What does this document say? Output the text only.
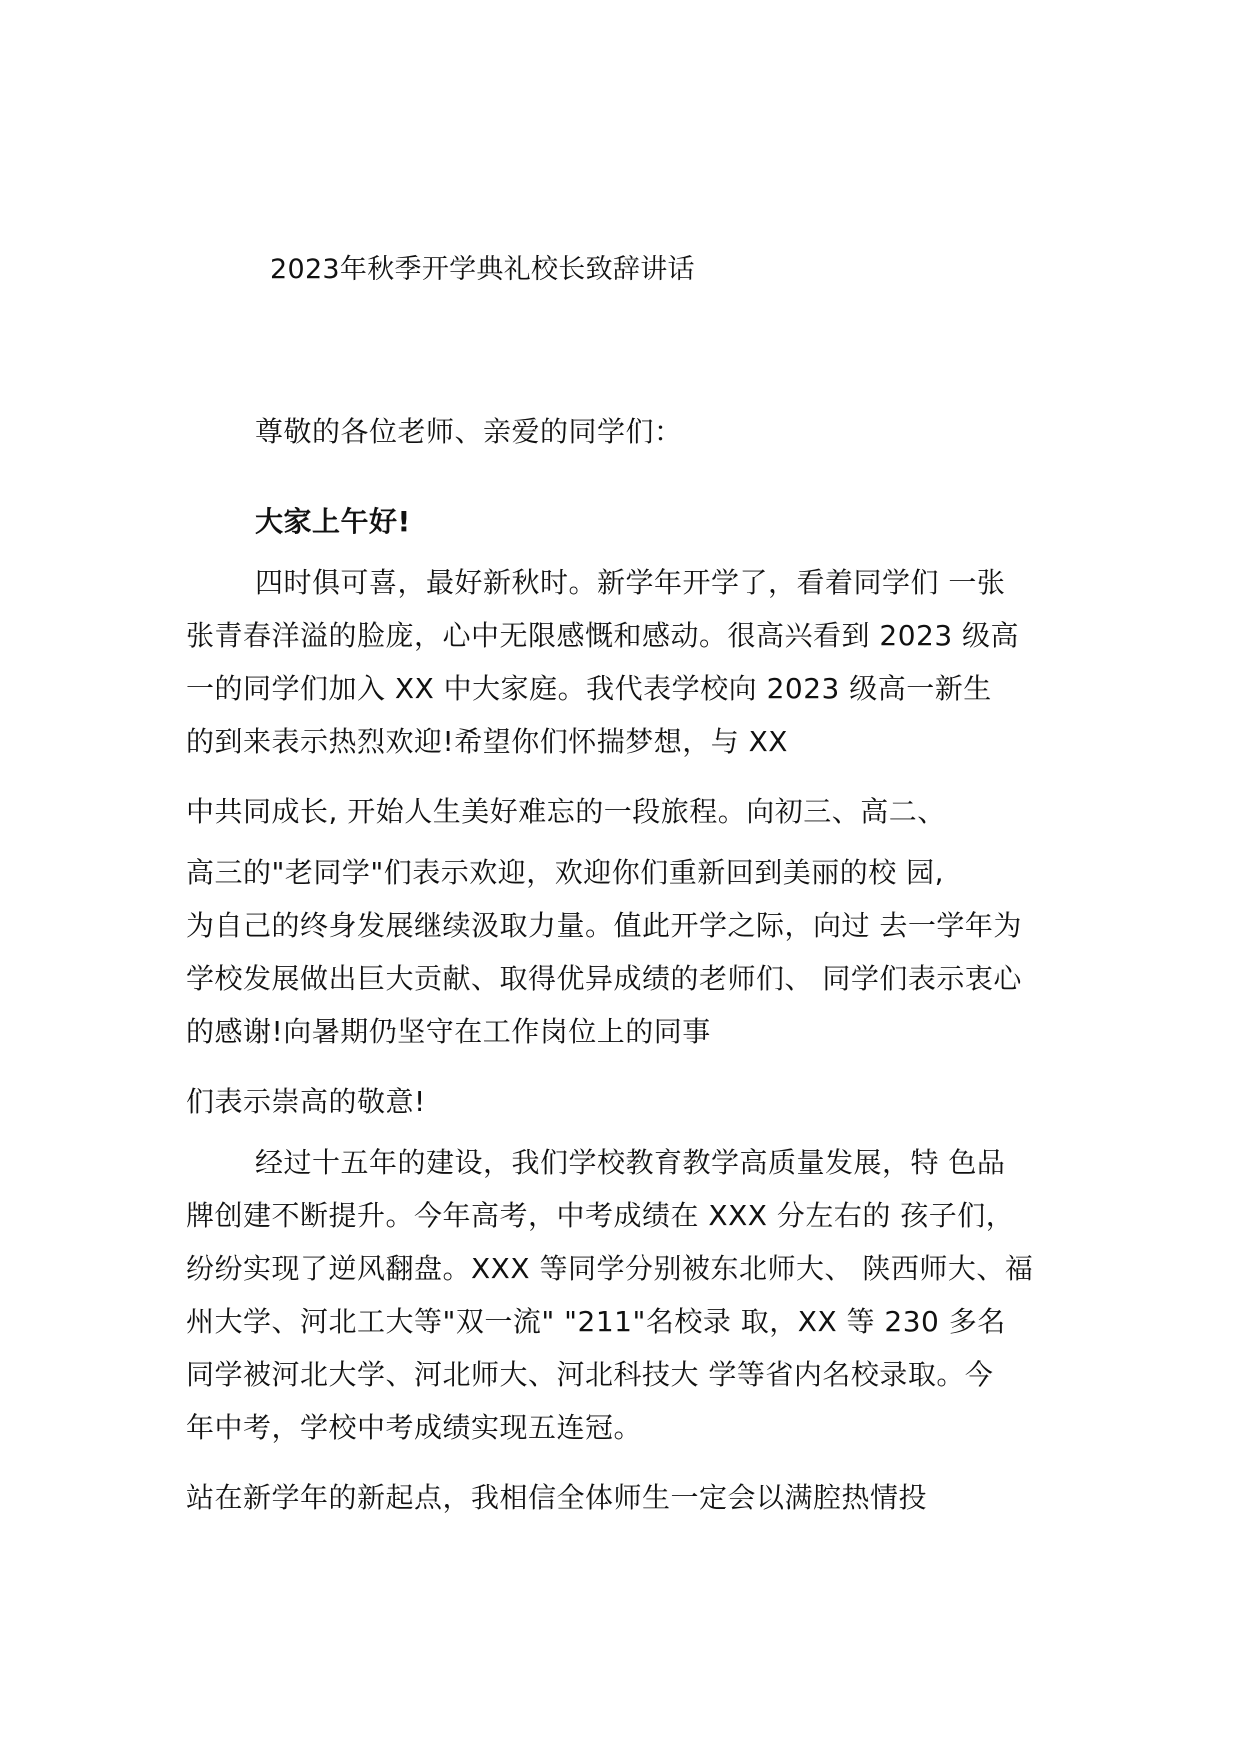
2023年秋季开学典礼校长致辞讲话
尊敬的各位老师、亲爱的同学们：
大家上午好!
四时俱可喜，最好新秋时。新学年开学了，看着同学们 一张
张青春洋溢的脸庞，心中无限感慨和感动。很高兴看到 2023 级高
一的同学们加入 XX 中大家庭。我代表学校向 2023 级高一新生
的到来表示热烈欢迎!希望你们怀揣梦想，与 XX
中共同成长, 开始人生美好难忘的一段旅程。向初三、高二、
高三的"老同学"们表示欢迎，欢迎你们重新回到美丽的校 园,
为自己的终身发展继续汲取力量。值此开学之际，向过 去一学年为
学校发展做出巨大贡献、取得优异成绩的老师们、 同学们表示衷心
的感谢!向暑期仍坚守在工作岗位上的同事
们表示崇高的敬意!
经过十五年的建设，我们学校教育教学高质量发展，特 色品
牌创建不断提升。今年高考，中考成绩在 XXX 分左右的 孩子们，
纷纷实现了逆风翻盘。XXX 等同学分别被东北师大、 陕西师大、福
州大学、河北工大等"双一流" "211"名校录 取，XX 等 230 多名
同学被河北大学、河北师大、河北科技大 学等省内名校录取。今
年中考，学校中考成绩实现五连冠。
站在新学年的新起点，我相信全体师生一定会以满腔热情投
